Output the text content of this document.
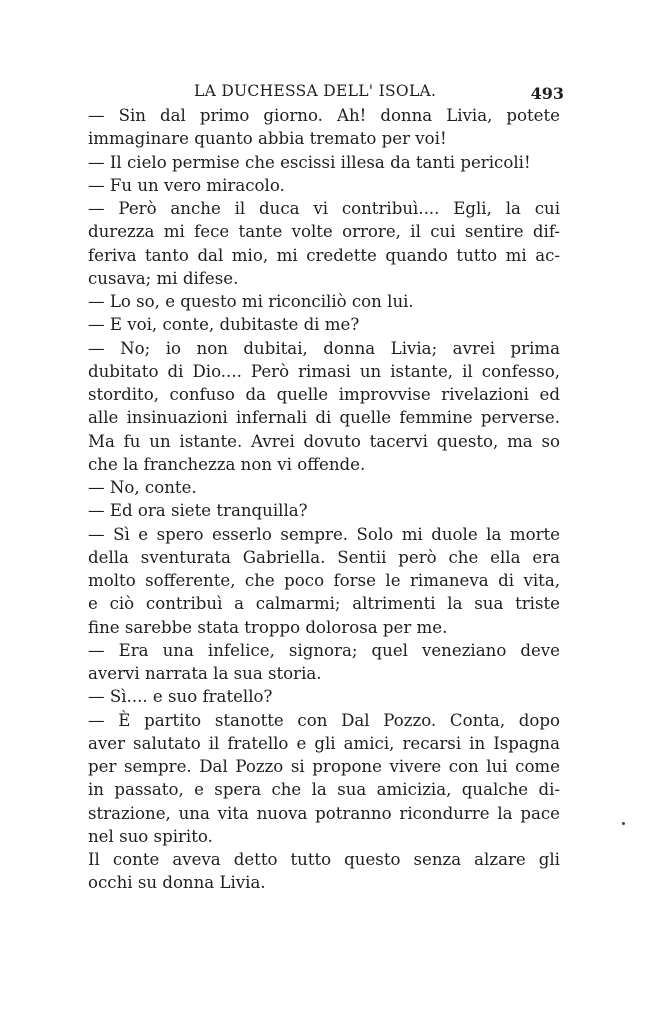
LA DUCHESSA DELL' ISOLA.	493
— Sin dal primo giorno. Ah! donna Livia, potete
immaginare quanto abbia tremato per voi!
— Il cielo permise che escissi illesa da tanti pericoli!
— Fu un vero miracolo.
— Però anche il duca vi contribuì.... Egli, la cui
durezza mi fece tante volte orrore, il cui sentire dif-
feriva tanto dal mio, mi credette quando tutto mi ac-
cusava; mi difese.
— Lo so, e questo mi riconciliò con lui.
— E voi, conte, dubitaste di me?
— No; io non dubitai, donna Livia; avrei prima
dubitato di Dio.... Però rimasi un istante, il confesso,
stordito, confuso da quelle improvvise rivelazioni ed
alle insinuazioni infernali di quelle femmine perverse.
Ma fu un istante. Avrei dovuto tacervi questo, ma so
che la franchezza non vi offende.
— No, conte.
— Ed ora siete tranquilla?
— Sì e spero esserlo sempre. Solo mi duole la morte
della sventurata Gabriella. Sentii però che ella era
molto sofferente, che poco forse le rimaneva di vita,
e ciò contribuì a calmarmi; altrimenti la sua triste
fine sarebbe stata troppo dolorosa per me.
— Era una infelice, signora; quel veneziano deve
avervi narrata la sua storia.
— Sì.... e suo fratello?
— È partito stanotte con Dal Pozzo. Conta, dopo
aver salutato il fratello e gli amici, recarsi in Ispagna
per sempre. Dal Pozzo si propone vivere con lui come
in passato, e spera che la sua amicizia, qualche di-
strazione, una vita nuova potranno ricondurre la pace
nel suo spirito.
Il conte aveva detto tutto questo senza alzare gli
occhi su donna Livia.
